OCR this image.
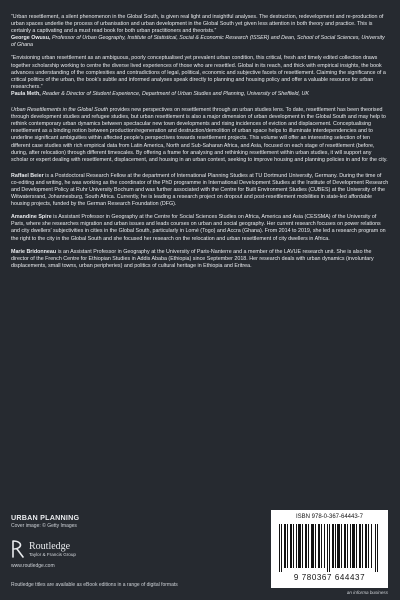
“Urban resettlement, a silent phenomenon in the Global South, is given real light and insightful analyses. The destruction, redevelopment and re-production of urban spaces underlie the process of urbanisation and urban development in the Global South yet given less attention in both theory and practice. This is certainly a captivating and a must read book for both urban practitioners and theorists.”
George Owusu, Professor of Urban Geography, Institute of Statistical, Social & Economic Research (ISSER) and Dean, School of Social Sciences, University of Ghana

“Envisioning urban resettlement as an ambiguous, poorly conceptualised yet prevalent urban condition, this critical, fresh and timely edited collection draws together scholarship working to centre the diverse lived experiences of those who are resettled. Global in its reach, and thick with empirical insights, the book advances understanding of the complexities and contradictions of legal, political, economic and subjective facets of resettlement. Claiming the significance of a critical politics of the urban, the book’s subtle and informed analyses speak directly to planning and housing policy and offer a valuable resource for urban researchers.”
Paula Meth, Reader & Director of Student Experience, Department of Urban Studies and Planning, University of Sheffield, UK

Urban Resettlements in the Global South provides new perspectives on resettlement through an urban studies lens. To date, resettlement has been theorised through development studies and refugee studies, but urban resettlement is also a major dimension of urban development in the Global South and may help to rethink contemporary urban dynamics between spectacular new town developments and rising incidences of eviction and displacement. Conceptualising resettlement as a binding notion between production/regeneration and destruction/demolition of urban space helps to illuminate interdependencies and to underline significant ambiguities within affected people’s perspectives towards resettlement projects. This volume will offer an interesting selection of ten different case studies with rich empirical data from Latin America, North and Sub-Saharan Africa, and Asia, focused on each stage of resettlement (before, during, after relocation) through different timescales. By offering a frame for analysing and rethinking resettlement within urban studies, it will support any scholar or expert dealing with resettlement, displacement, and housing in an urban context, seeking to improve housing and planning policies in and for the city.

Raffael Beier is a Postdoctoral Research Fellow at the department of International Planning Studies at TU Dortmund University, Germany. During the time of co-editing and writing, he was working as the coordinator of the PhD programme in International Development Studies at the Institute of Development Research and Development Policy at Ruhr University Bochum and was further associated with the Centre for Built Environment Studies (CUBES) at the University of the Witwatersrand, Johannesburg, South Africa. Currently, he is leading a research project on dropout and post-resettlement mobilities in state-led affordable housing projects, funded by the German Research Foundation (DFG).

Amandine Spire is Assistant Professor in Geography at the Centre for Social Sciences Studies on Africa, America and Asia (CESSMA) of the University of Paris, where she researches migration and urban issues and leads courses on urban and social geography. Her current research focuses on power relations and city dwellers’ subjectivities in cities in the Global South, particularly in Lomé (Togo) and Accra (Ghana). From 2014 to 2019, she led a research program on the right to the city in the Global South and she focused her research on the relocation and urban resettlement of city dwellers in Africa.

Marie Bridonneau is an Assistant Professor in Geography at the University of Paris-Nanterre and a member of the LAVUE research unit. She is also the director of the French Centre for Ethiopian Studies in Addis Ababa (Ethiopia) since September 2018. Her research deals with urban dynamics (involuntary displacements, small towns, urban peripheries) and politics of cultural heritage in Ethiopia and Eritrea.

URBAN PLANNING
Cover image: © Getty Images
Routledge
Taylor & Francis Group
www.routledge.com
Routledge titles are available as eBook editions in a range of digital formats
ISBN 978-0-367-64443-7
9 780367 644437
an informa business
